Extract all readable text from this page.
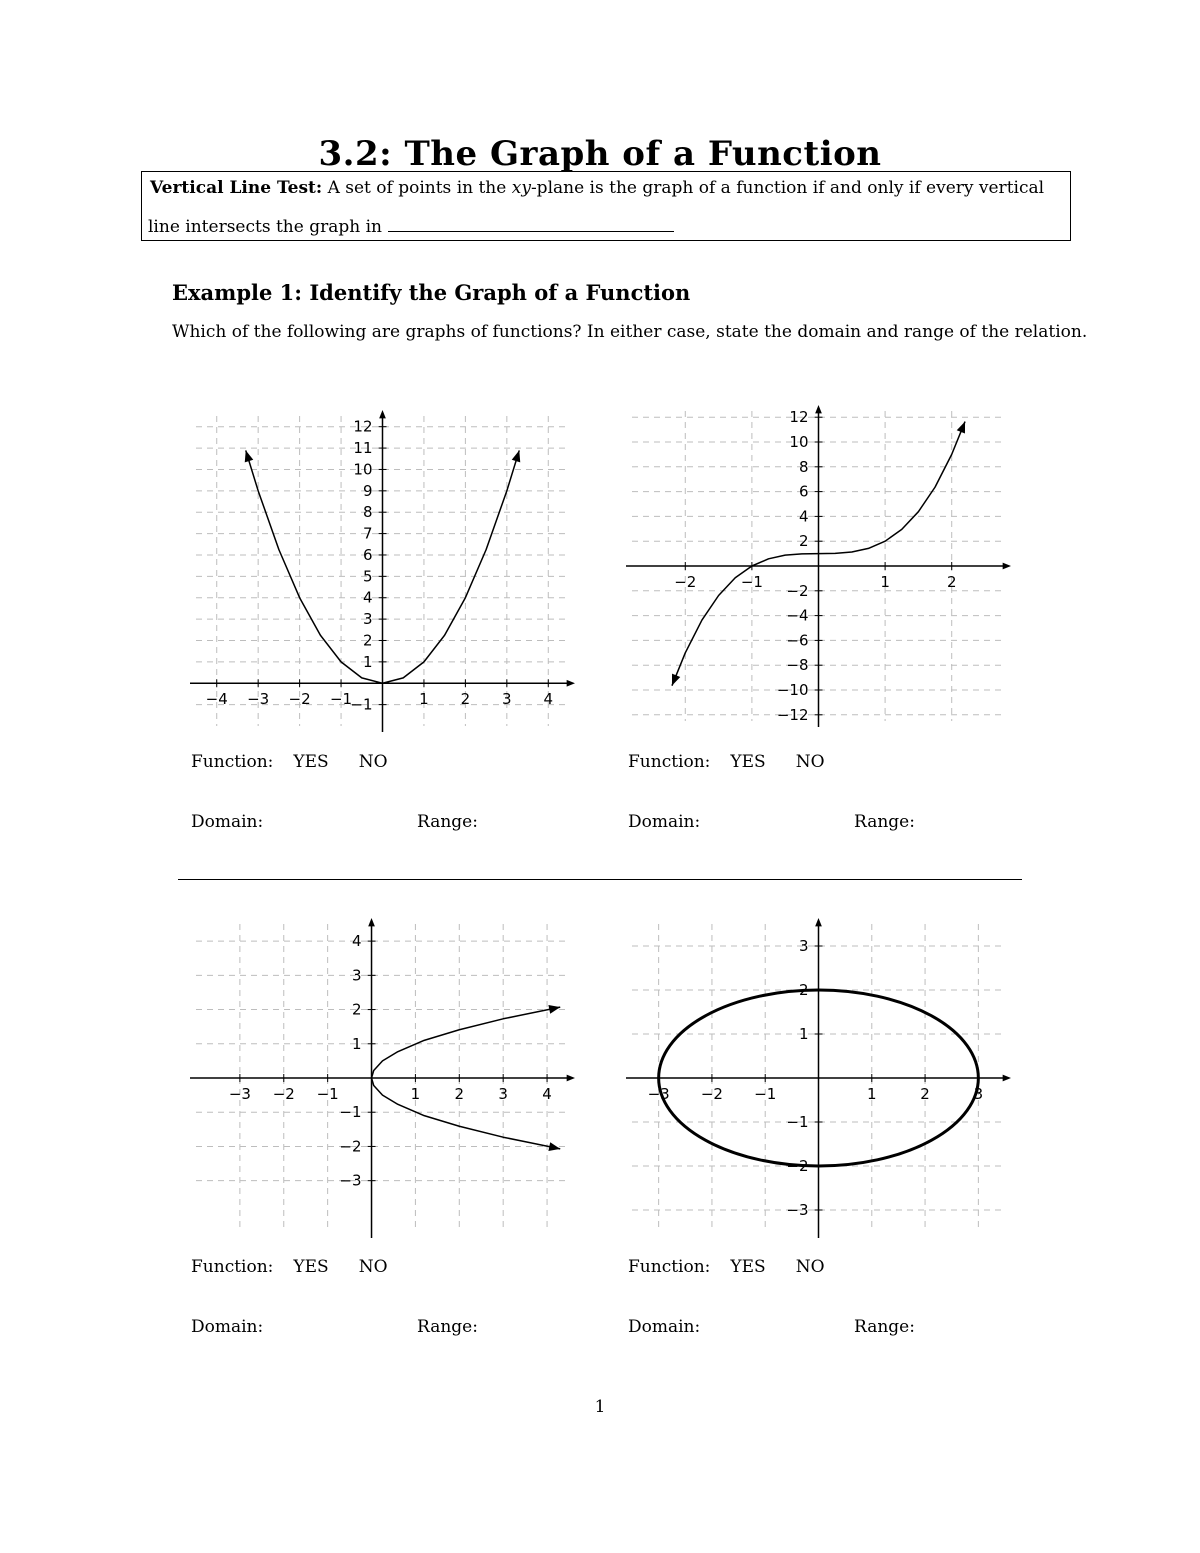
3.2: The Graph of a Function
Vertical Line Test: A set of points in the xy-plane is the graph of a function if and only if every vertical
line intersects the graph in
Example 1: Identify the Graph of a Function
Which of the following are graphs of functions? In either case, state the domain and range of the relation.
−4 −3 −2 −1	1 2 3 4
−1
1
2
3
4
5
6
7
8
9
10
11
12
−2	−1	1	2
−12
−10
−8
−6
−4
−2
2
4
6
8
10
12
−3 −2 −1	1 2 3 4
−3
−2
−1
1
2
3
4
−3 −2 −1	1	2	3
−3
−2
−1
1
2
3
Function: YES NO	Function: YES NO
Domain:	Range:	Domain:	Range:
Function: YES NO	Function: YES NO
Domain:	Range:	Domain:	Range:
1
